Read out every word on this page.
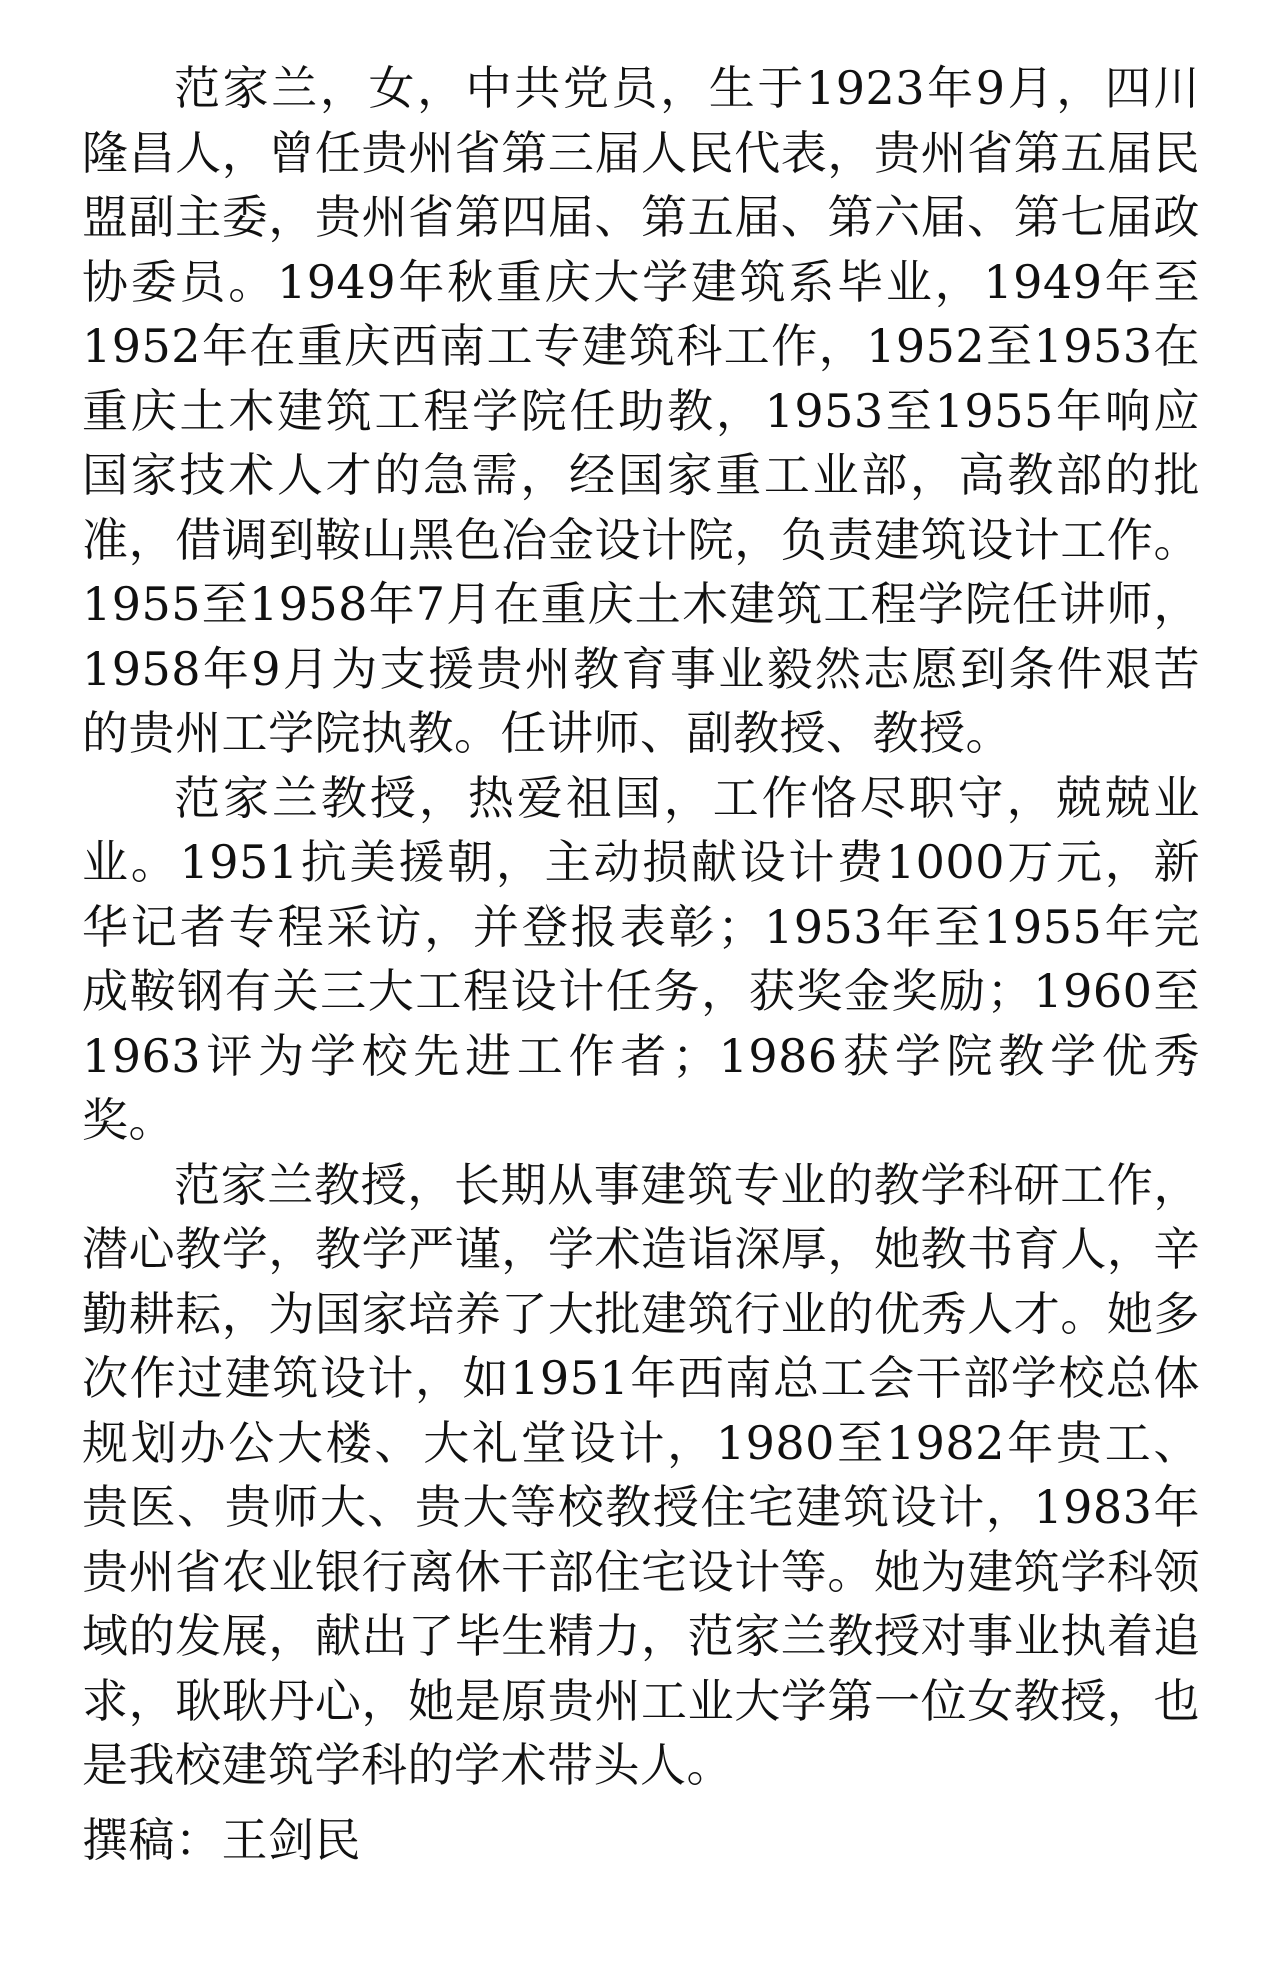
范家兰，女，中共党员，生于1923年9月，四川隆昌人，曾任贵州省第三届人民代表，贵州省第五届民盟副主委，贵州省第四届、第五届、第六届、第七届政协委员。1949年秋重庆大学建筑系毕业，1949年至1952年在重庆西南工专建筑科工作，1952至1953在重庆土木建筑工程学院任助教，1953至1955年响应国家技术人才的急需，经国家重工业部，高教部的批准，借调到鞍山黑色冶金设计院，负责建筑设计工作。1955至1958年7月在重庆土木建筑工程学院任讲师，1958年9月为支援贵州教育事业毅然志愿到条件艰苦的贵州工学院执教。任讲师、副教授、教授。

范家兰教授，热爱祖国，工作恪尽职守，兢兢业业。1951抗美援朝，主动损献设计费1000万元，新华记者专程采访，并登报表彰；1953年至1955年完成鞍钢有关三大工程设计任务，获奖金奖励；1960至1963评为学校先进工作者；1986获学院教学优秀奖。

范家兰教授，长期从事建筑专业的教学科研工作，潜心教学，教学严谨，学术造诣深厚，她教书育人，辛勤耕耘，为国家培养了大批建筑行业的优秀人才。她多次作过建筑设计，如1951年西南总工会干部学校总体规划办公大楼、大礼堂设计，1980至1982年贵工、贵医、贵师大、贵大等校教授住宅建筑设计，1983年贵州省农业银行离休干部住宅设计等。她为建筑学科领域的发展，献出了毕生精力，范家兰教授对事业执着追求，耿耿丹心，她是原贵州工业大学第一位女教授，也是我校建筑学科的学术带头人。

撰稿：王剑民
